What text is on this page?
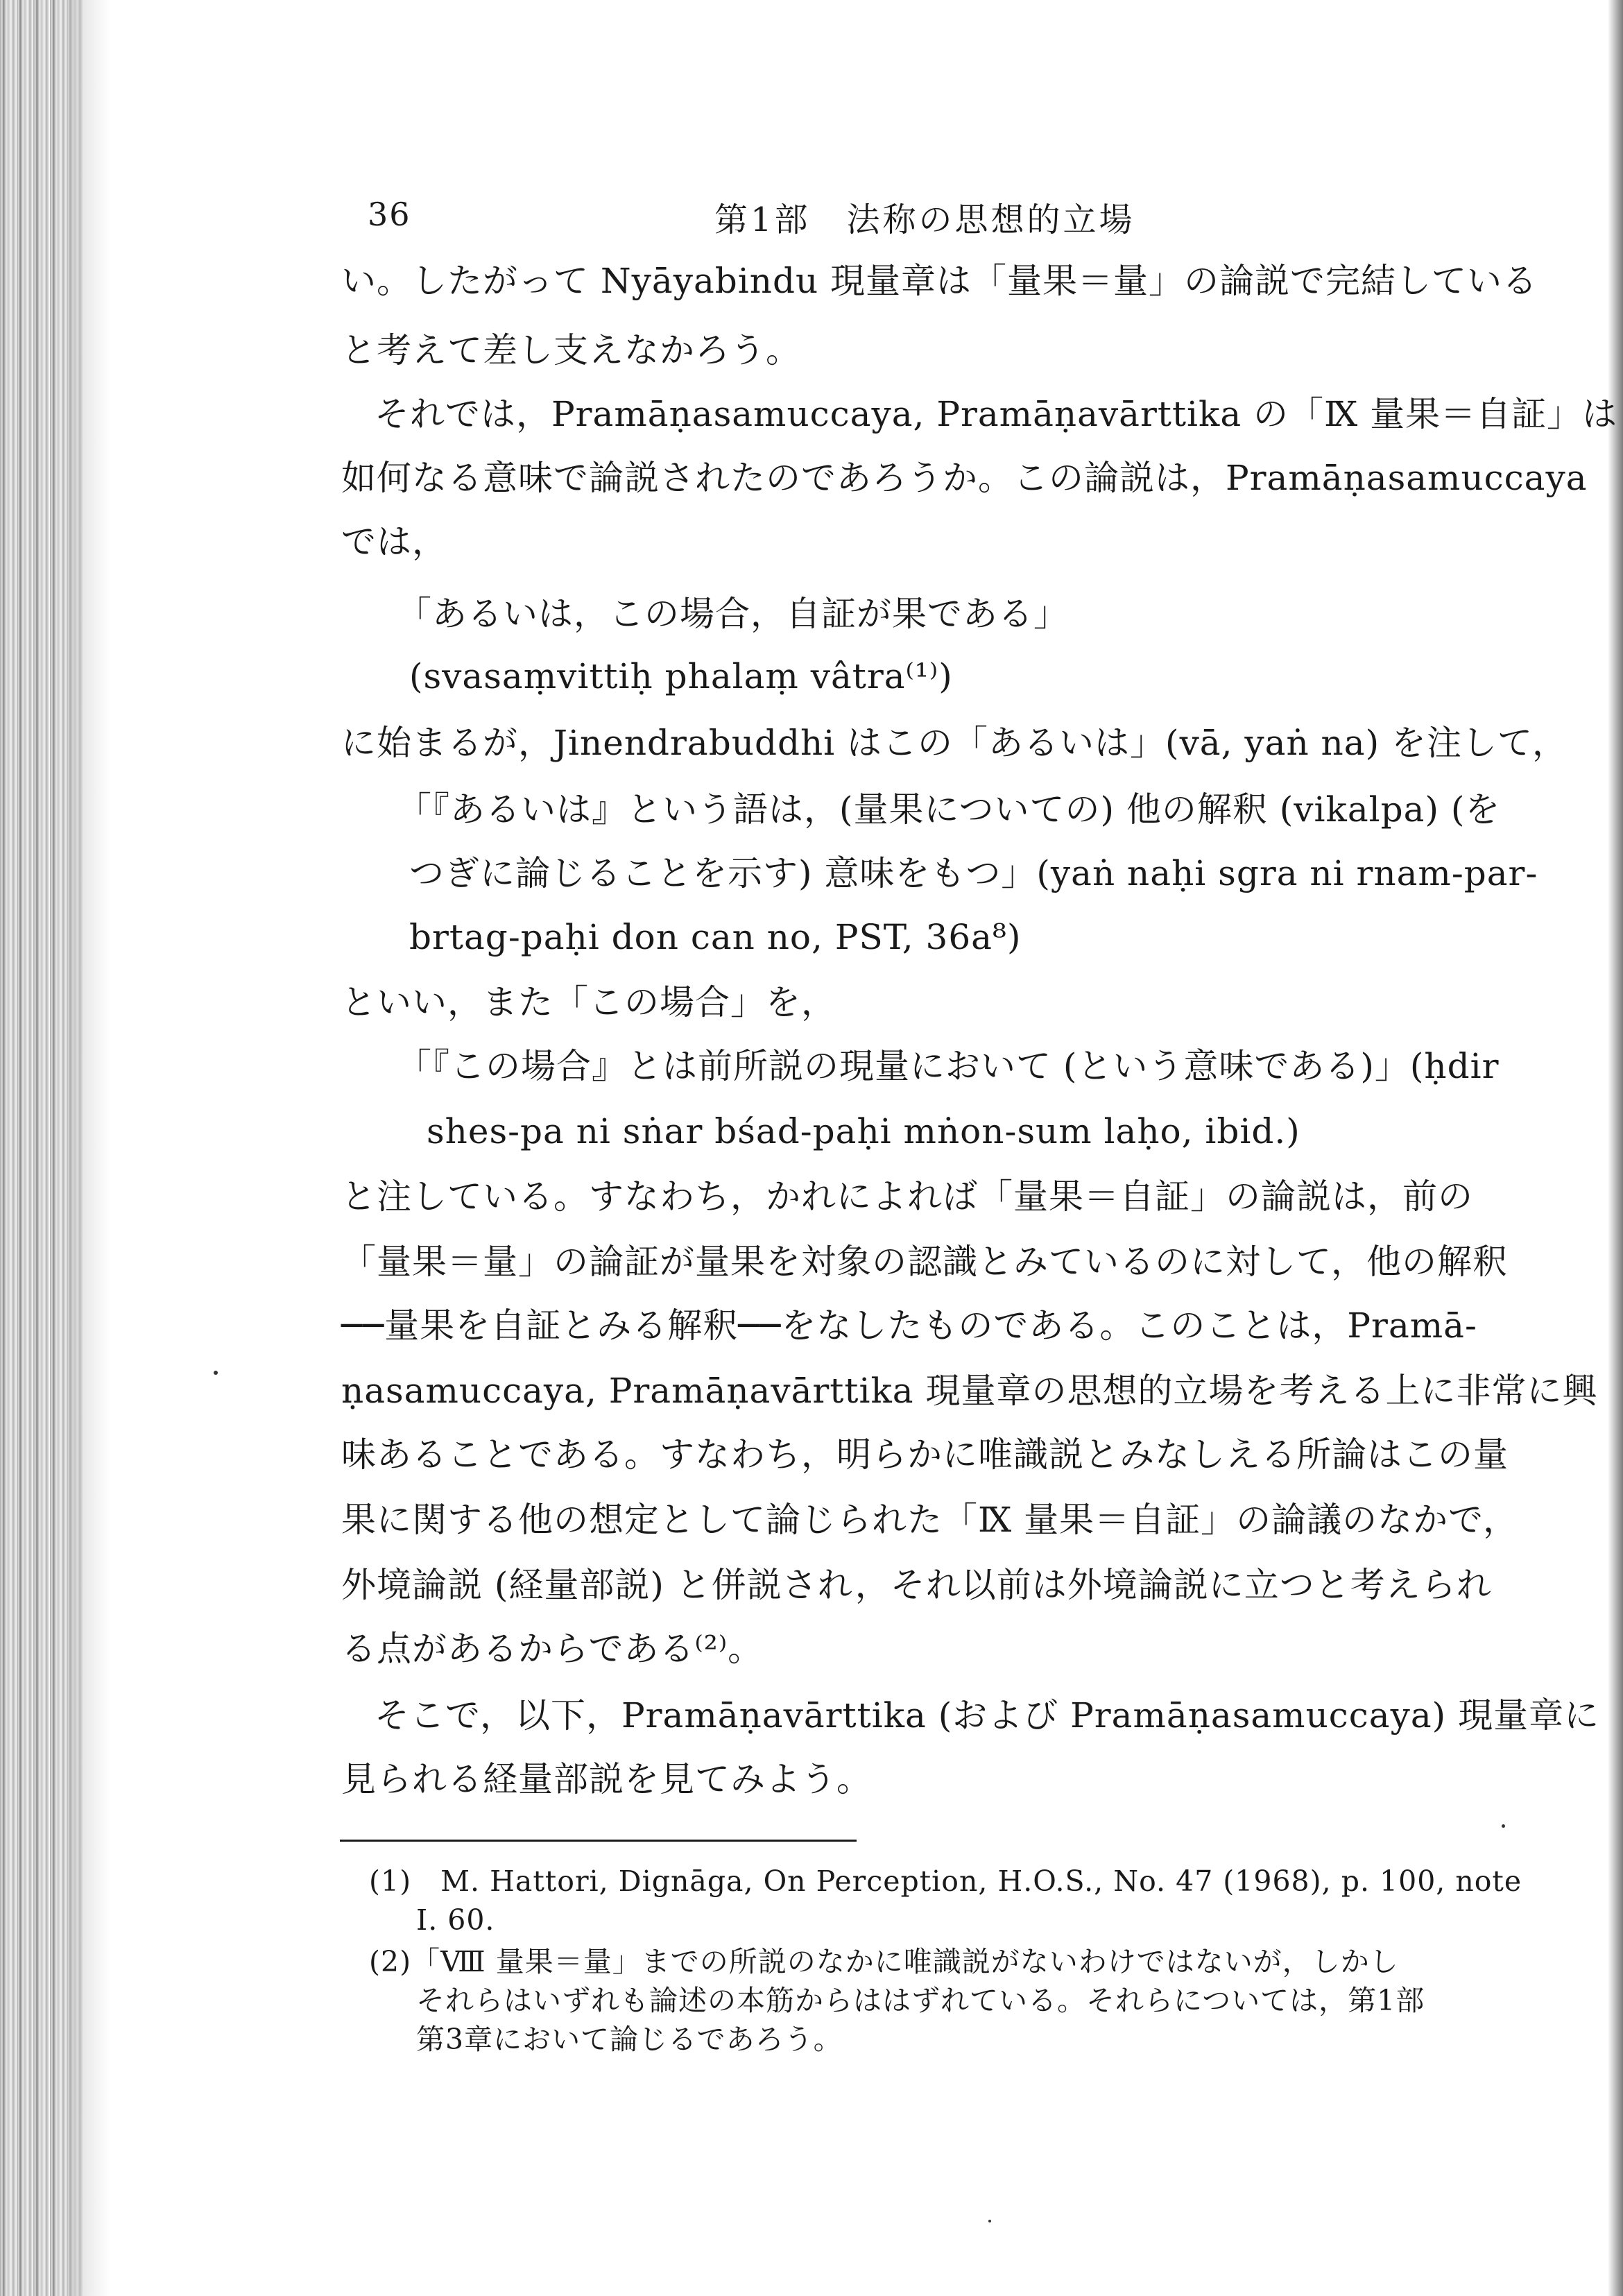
36	第1部　法称の思想的立場
い。したがって Nyāyabindu 現量章は「量果＝量」の論説で完結している
と考えて差し支えなかろう。
それでは，Pramāṇasamuccaya, Pramāṇavārttika の「Ⅸ 量果＝自証」は
如何なる意味で論説されたのであろうか。この論説は，Pramāṇasamuccaya
では，
「あるいは，この場合，自証が果である」
(svasaṃvittiḥ phalaṃ vâtra⁽¹⁾)
に始まるが，Jinendrabuddhi はこの「あるいは」(vā, yaṅ na) を注して，
「『あるいは』という語は，(量果についての) 他の解釈 (vikalpa) (を
つぎに論じることを示す) 意味をもつ」(yaṅ naḥi sgra ni rnam-par-
brtag-paḥi don can no, PST, 36a⁸)
といい，また「この場合」を，
「『この場合』とは前所説の現量において (という意味である)」(ḥdir
shes-pa ni sṅar bśad-paḥi mṅon-sum laḥo, ibid.)
と注している。すなわち，かれによれば「量果＝自証」の論説は，前の
「量果＝量」の論証が量果を対象の認識とみているのに対して，他の解釈
──量果を自証とみる解釈──をなしたものである。このことは，Pramā-
ṇasamuccaya, Pramāṇavārttika 現量章の思想的立場を考える上に非常に興
味あることである。すなわち，明らかに唯識説とみなしえる所論はこの量
果に関する他の想定として論じられた「Ⅸ 量果＝自証」の論議のなかで，
外境論説 (経量部説) と併説され，それ以前は外境論説に立つと考えられ
る点があるからである⁽²⁾。
そこで，以下，Pramāṇavārttika (および Pramāṇasamuccaya) 現量章に
見られる経量部説を見てみよう。
(1)　M. Hattori, Dignāga, On Perception, H.O.S., No. 47 (1968), p. 100, note
I. 60.
(2)「Ⅷ 量果＝量」までの所説のなかに唯識説がないわけではないが，しかし
それらはいずれも論述の本筋からははずれている。それらについては，第1部
第3章において論じるであろう。
